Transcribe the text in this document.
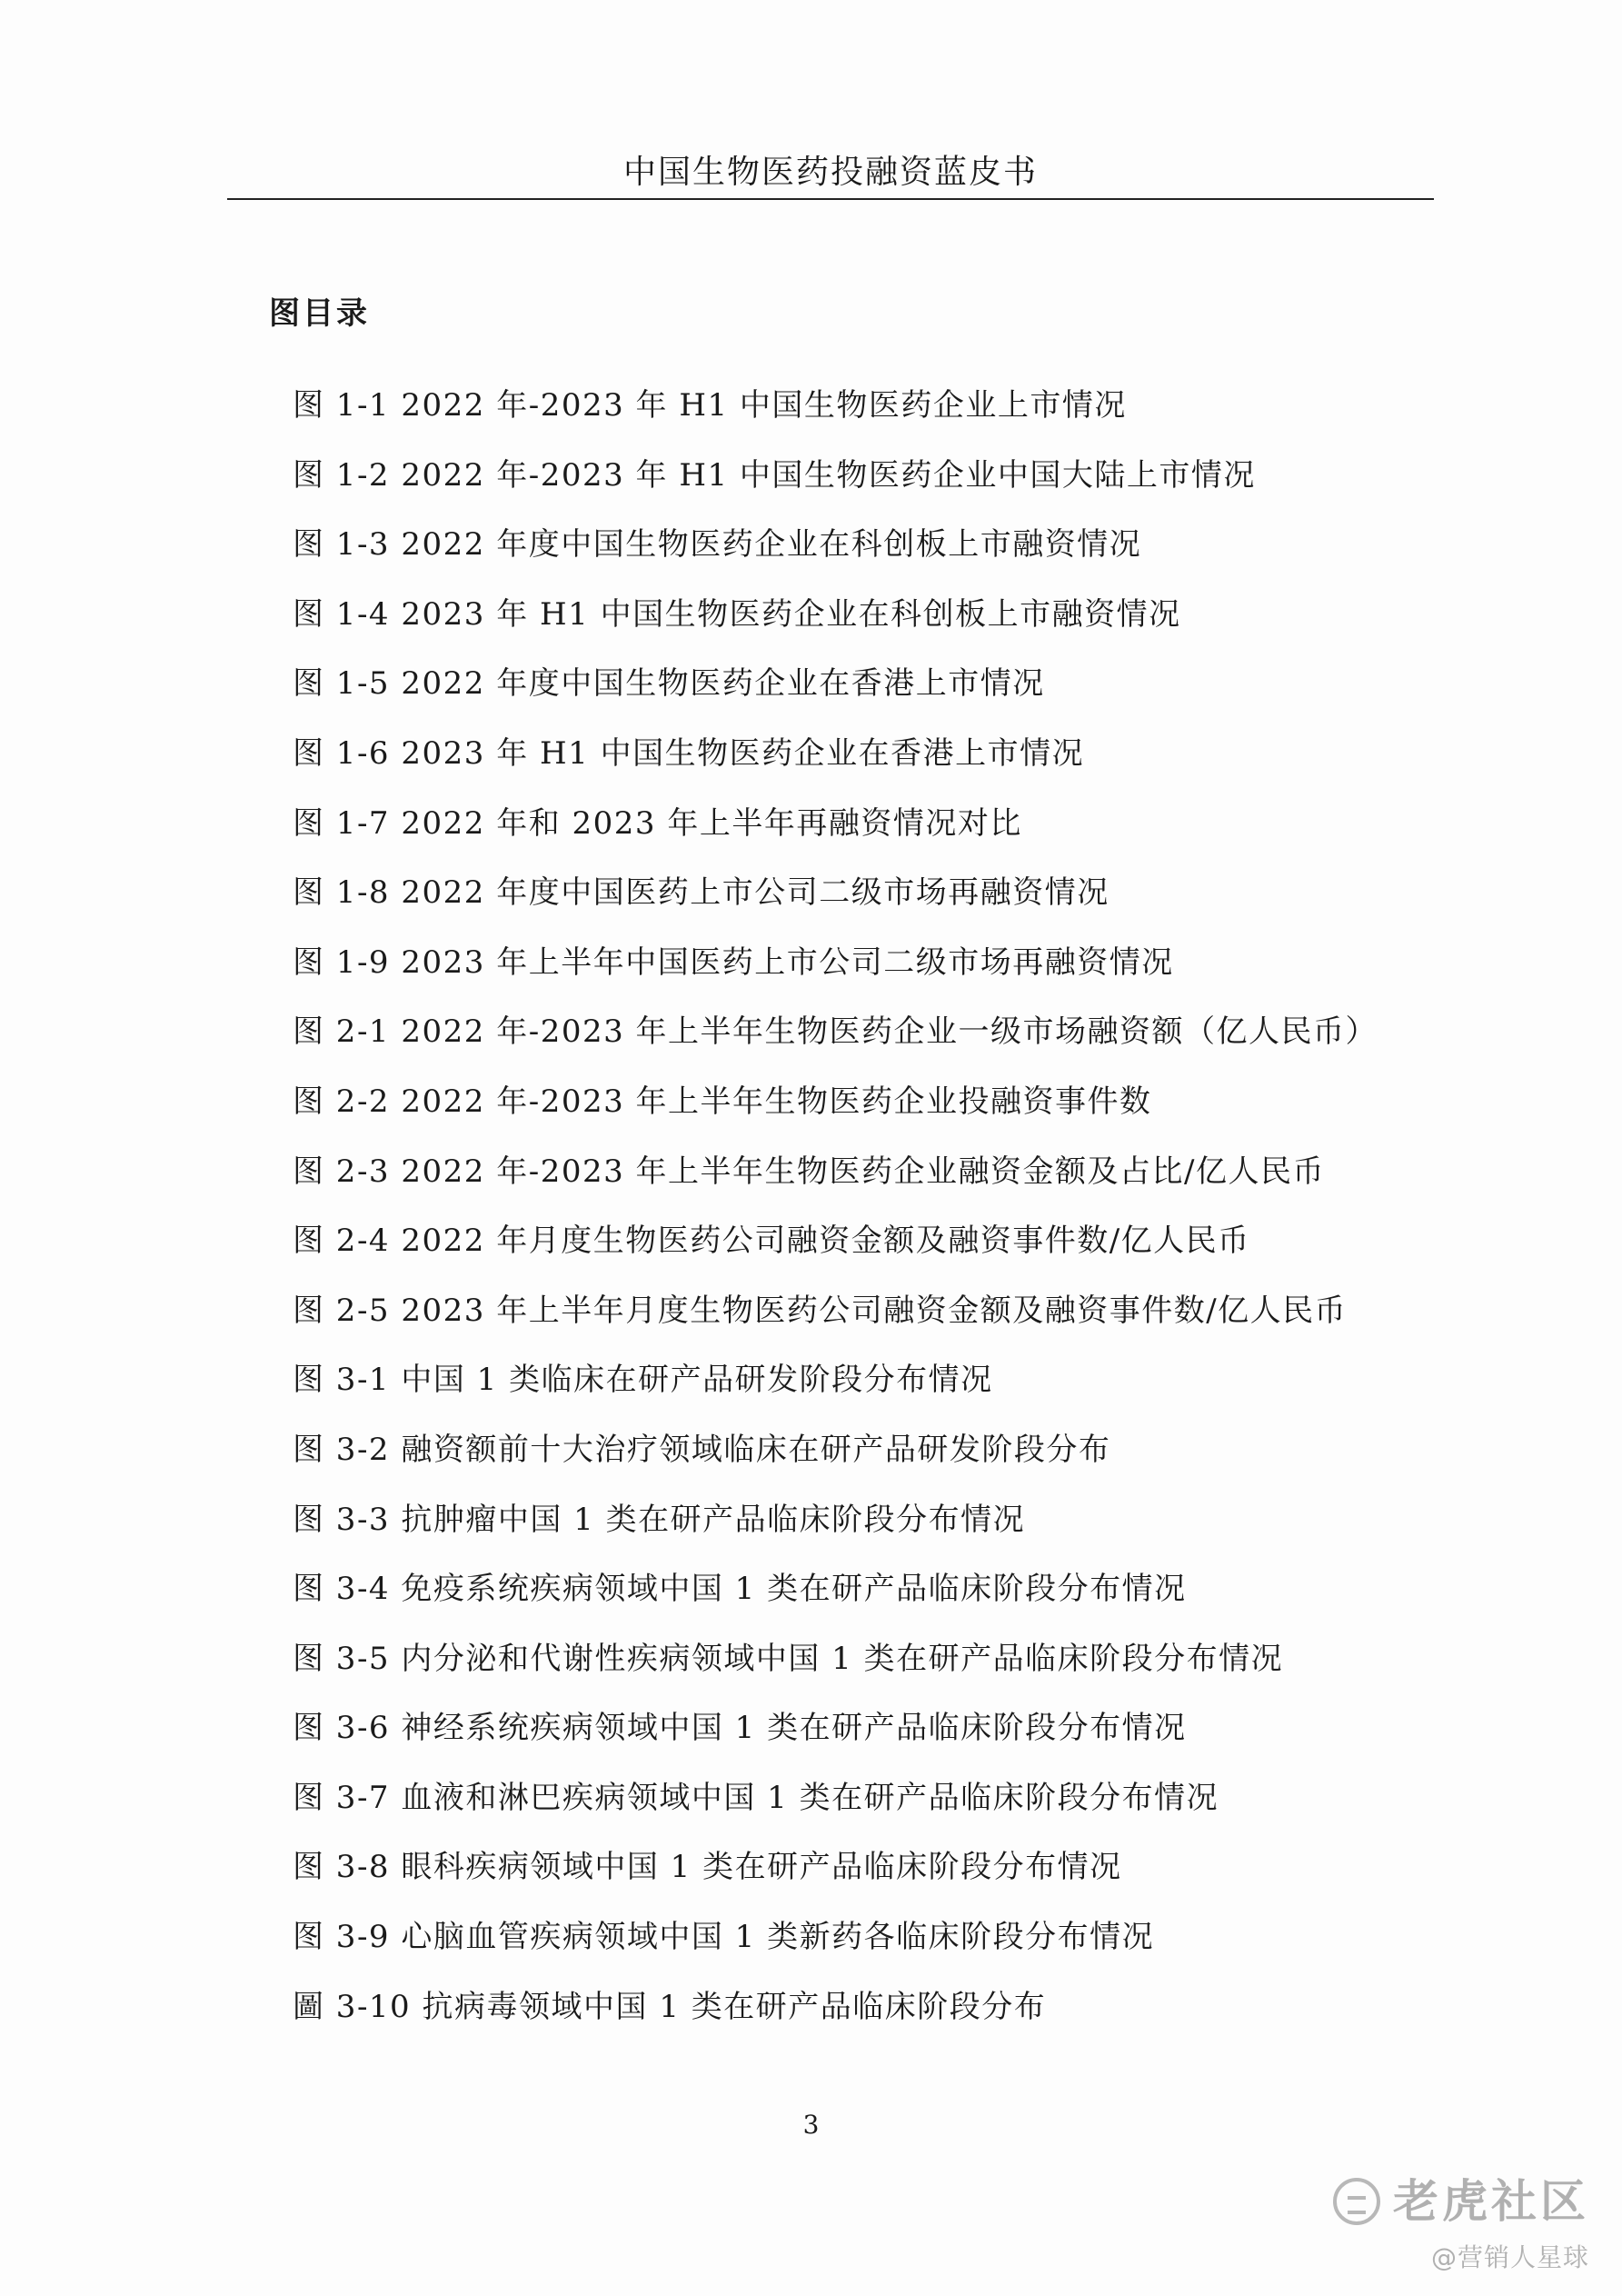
中国生物医药投融资蓝皮书
图目录
图 1-1 2022 年-2023 年 H1 中国生物医药企业上市情况
图 1-2 2022 年-2023 年 H1 中国生物医药企业中国大陆上市情况
图 1-3 2022 年度中国生物医药企业在科创板上市融资情况
图 1-4 2023 年 H1 中国生物医药企业在科创板上市融资情况
图 1-5 2022 年度中国生物医药企业在香港上市情况
图 1-6 2023 年 H1 中国生物医药企业在香港上市情况
图 1-7 2022 年和 2023 年上半年再融资情况对比
图 1-8 2022 年度中国医药上市公司二级市场再融资情况
图 1-9 2023 年上半年中国医药上市公司二级市场再融资情况
图 2-1 2022 年-2023 年上半年生物医药企业一级市场融资额（亿人民币）
图 2-2 2022 年-2023 年上半年生物医药企业投融资事件数
图 2-3 2022 年-2023 年上半年生物医药企业融资金额及占比/亿人民币
图 2-4 2022 年月度生物医药公司融资金额及融资事件数/亿人民币
图 2-5 2023 年上半年月度生物医药公司融资金额及融资事件数/亿人民币
图 3-1 中国 1 类临床在研产品研发阶段分布情况
图 3-2 融资额前十大治疗领域临床在研产品研发阶段分布
图 3-3 抗肿瘤中国 1 类在研产品临床阶段分布情况
图 3-4 免疫系统疾病领域中国 1 类在研产品临床阶段分布情况
图 3-5 内分泌和代谢性疾病领域中国 1 类在研产品临床阶段分布情况
图 3-6 神经系统疾病领域中国 1 类在研产品临床阶段分布情况
图 3-7 血液和淋巴疾病领域中国 1 类在研产品临床阶段分布情况
图 3-8 眼科疾病领域中国 1 类在研产品临床阶段分布情况
图 3-9 心脑血管疾病领域中国 1 类新药各临床阶段分布情况
圖 3-10 抗病毒领域中国 1 类在研产品临床阶段分布
3
老虎社区
@营销人星球
